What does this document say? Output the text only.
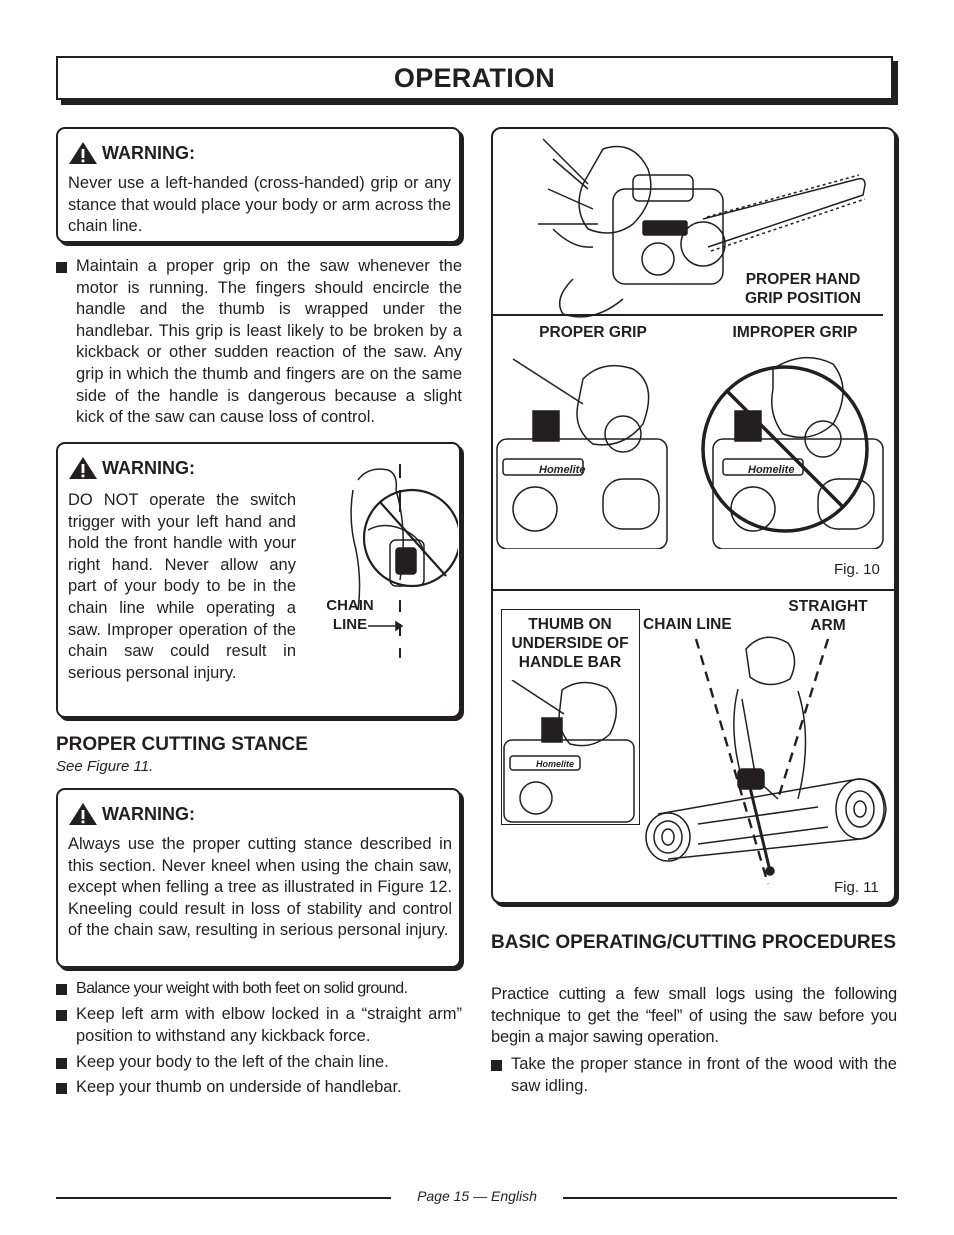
OPERATION
WARNING:
Never use a left-handed (cross-handed) grip or any stance that would place your body or arm across the chain line.
Maintain a proper grip on the saw whenever the motor is running. The fingers should encircle the handle and the thumb is wrapped under the handlebar. This grip is least likely to be broken by a kickback or other sudden reaction of the saw. Any grip in which the thumb and fingers are on the same side of the handle is dangerous because a slight kick of the saw can cause loss of control.
WARNING:
DO NOT operate the switch trigger with your left hand and hold the front handle with your right hand. Never allow any part of your body to be in the chain line while operating a saw. Improper operation of the chain saw could result in serious personal injury.
CHAIN LINE
PROPER CUTTING STANCE
See Figure 11.
WARNING:
Always use the proper cutting stance described in this section. Never kneel when using the chain saw, except when felling a tree as illustrated in Figure 12. Kneeling could result in loss of stability and control of the chain saw, resulting in serious personal injury.
Balance your weight with both feet on solid ground.
Keep left arm with elbow locked in a “straight arm” position to withstand any kickback force.
Keep your body to the left of the chain line.
Keep your thumb on underside of handlebar.
PROPER HAND GRIP POSITION
PROPER GRIP	IMPROPER GRIP
Homelite	Homelite
Fig. 10
Homelite
THUMB ON UNDERSIDE OF HANDLE BAR
CHAIN LINE
STRAIGHT ARM
Fig. 11
BASIC OPERATING/CUTTING PROCEDURES
Practice cutting a few small logs using the following technique to get the “feel” of using the saw before you begin a major sawing operation.
Take the proper stance in front of the wood with the saw idling.
Page 15 — English
